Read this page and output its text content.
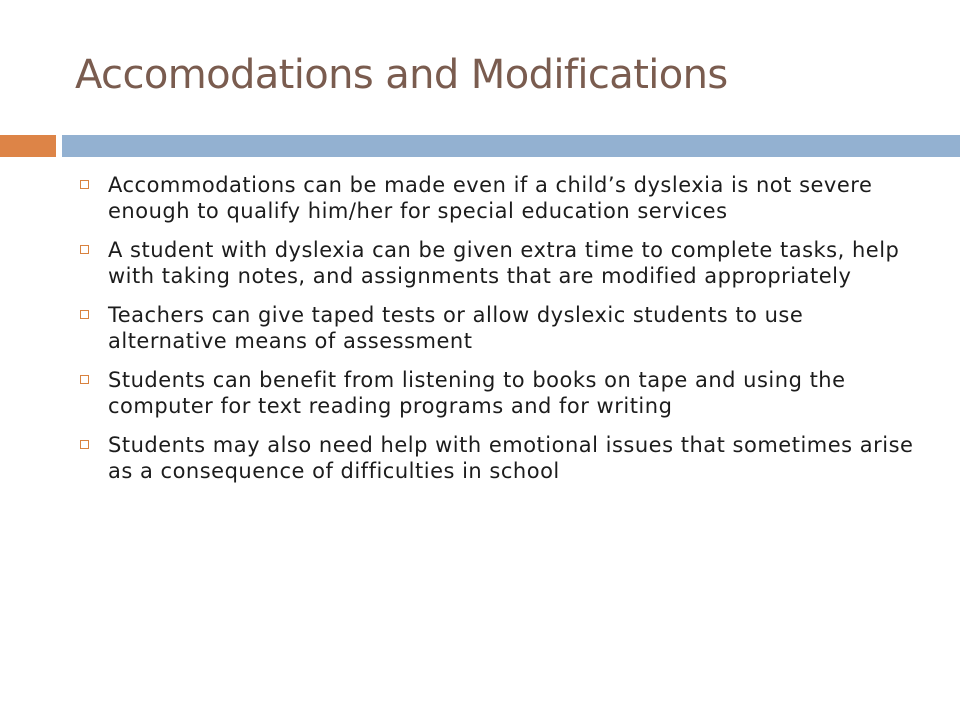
Accomodations and Modifications
Accommodations can be made even if a child’s dyslexia is not severe enough to qualify him/her for special education services
A student with dyslexia can be given extra time to complete tasks, help with taking notes, and assignments that are modified appropriately
Teachers can give taped tests or allow dyslexic students to use alternative means of assessment
Students can benefit from listening to books on tape and using the computer for text reading programs and for writing
Students may also need help with emotional issues that sometimes arise as a consequence of difficulties in school
